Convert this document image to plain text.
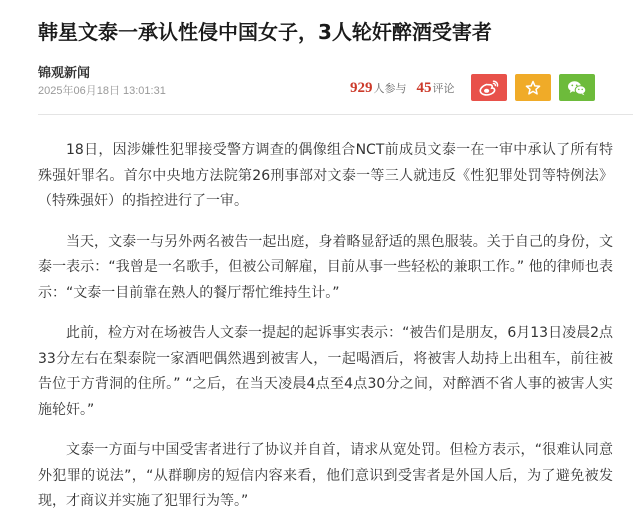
韩星文泰一承认性侵中国女子，3人轮奸醉酒受害者
锦观新闻
2025年06月18日 13:01:31	929 人参与 45 评论

18日，因涉嫌性犯罪接受警方调查的偶像组合NCT前成员文泰一在一审中承认了所有特殊强奸罪名。首尔中央地方法院第26刑事部对文泰一等三人就违反《性犯罪处罚等特例法》（特殊强奸）的指控进行了一审。

当天，文泰一与另外两名被告一起出庭，身着略显舒适的黑色服装。关于自己的身份，文泰一表示：“我曾是一名歌手，但被公司解雇，目前从事一些轻松的兼职工作。” 他的律师也表示：“文泰一目前靠在熟人的餐厅帮忙维持生计。”

此前，检方对在场被告人文泰一提起的起诉事实表示：“被告们是朋友，6月13日凌晨2点33分左右在梨泰院一家酒吧偶然遇到被害人，一起喝酒后，将被害人劫持上出租车，前往被告位于方背洞的住所。” “之后，在当天凌晨4点至4点30分之间，对醉酒不省人事的被害人实施轮奸。”

文泰一方面与中国受害者进行了协议并自首，请求从宽处罚。但检方表示，“很难认同意外犯罪的说法”，“从群聊房的短信内容来看，他们意识到受害者是外国人后，为了避免被发现，才商议并实施了犯罪行为等。”
